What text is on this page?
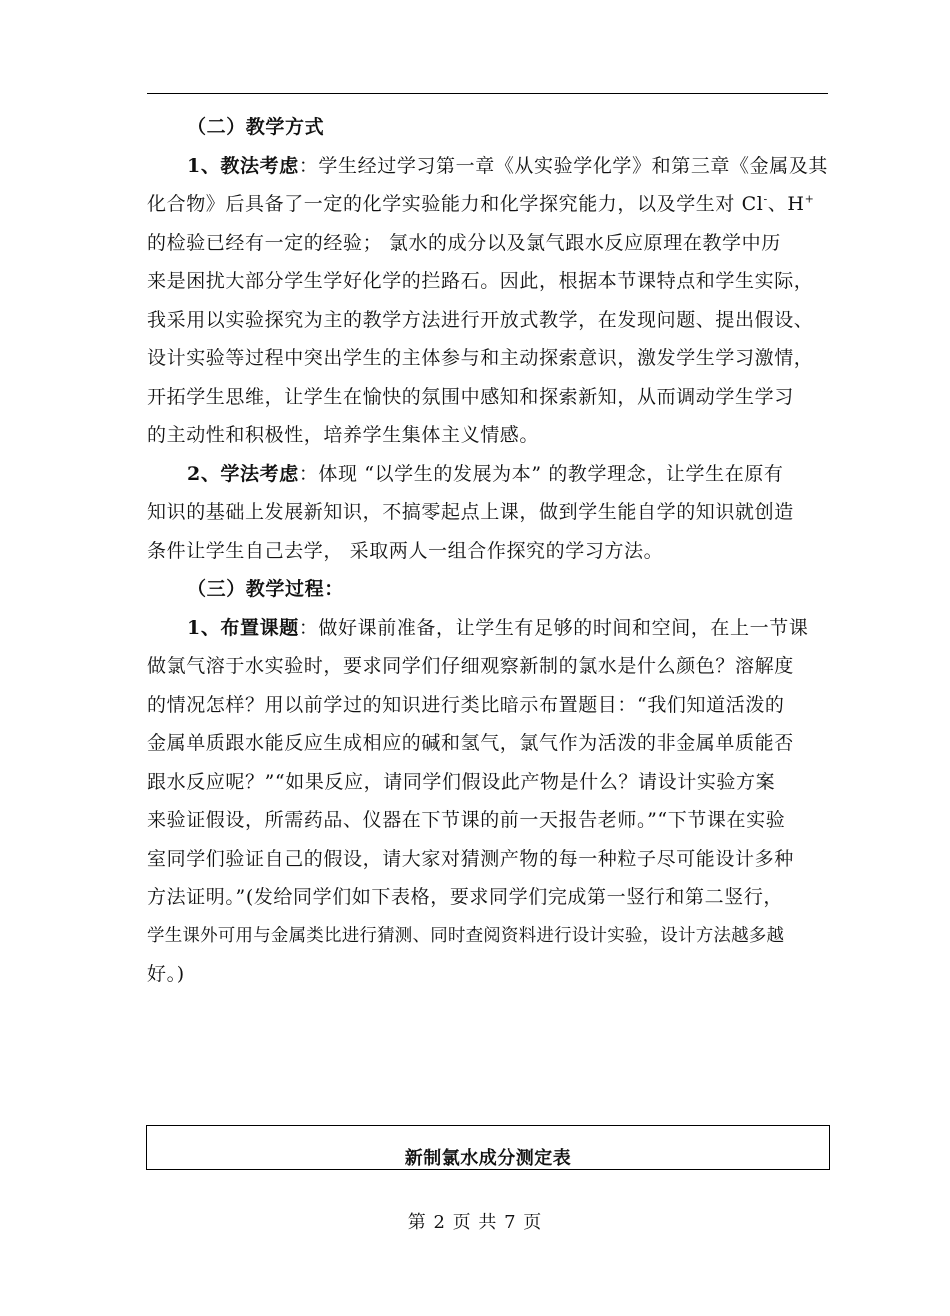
（二）教学方式
1、教法考虑：学生经过学习第一章《从实验学化学》和第三章《金属及其
化合物》后具备了一定的化学实验能力和化学探究能力，以及学生对 Cl-、H+
的检验已经有一定的经验； 氯水的成分以及氯气跟水反应原理在教学中历
来是困扰大部分学生学好化学的拦路石。因此，根据本节课特点和学生实际，
我采用以实验探究为主的教学方法进行开放式教学，在发现问题、提出假设、
设计实验等过程中突出学生的主体参与和主动探索意识，激发学生学习激情，
开拓学生思维，让学生在愉快的氛围中感知和探索新知，从而调动学生学习
的主动性和积极性，培养学生集体主义情感。
2、学法考虑：体现 “以学生的发展为本” 的教学理念，让学生在原有
知识的基础上发展新知识，不搞零起点上课，做到学生能自学的知识就创造
条件让学生自己去学， 采取两人一组合作探究的学习方法。
（三）教学过程：
1、布置课题：做好课前准备，让学生有足够的时间和空间，在上一节课
做氯气溶于水实验时，要求同学们仔细观察新制的氯水是什么颜色？溶解度
的情况怎样？用以前学过的知识进行类比暗示布置题目：“我们知道活泼的
金属单质跟水能反应生成相应的碱和氢气，氯气作为活泼的非金属单质能否
跟水反应呢？”“如果反应，请同学们假设此产物是什么？请设计实验方案
来验证假设，所需药品、仪器在下节课的前一天报告老师。”“下节课在实验
室同学们验证自己的假设，请大家对猜测产物的每一种粒子尽可能设计多种
方法证明。”(发给同学们如下表格，要求同学们完成第一竖行和第二竖行，
学生课外可用与金属类比进行猜测、同时查阅资料进行设计实验，设计方法越多越
好。)
新制氯水成分测定表
第 2 页 共 7 页
